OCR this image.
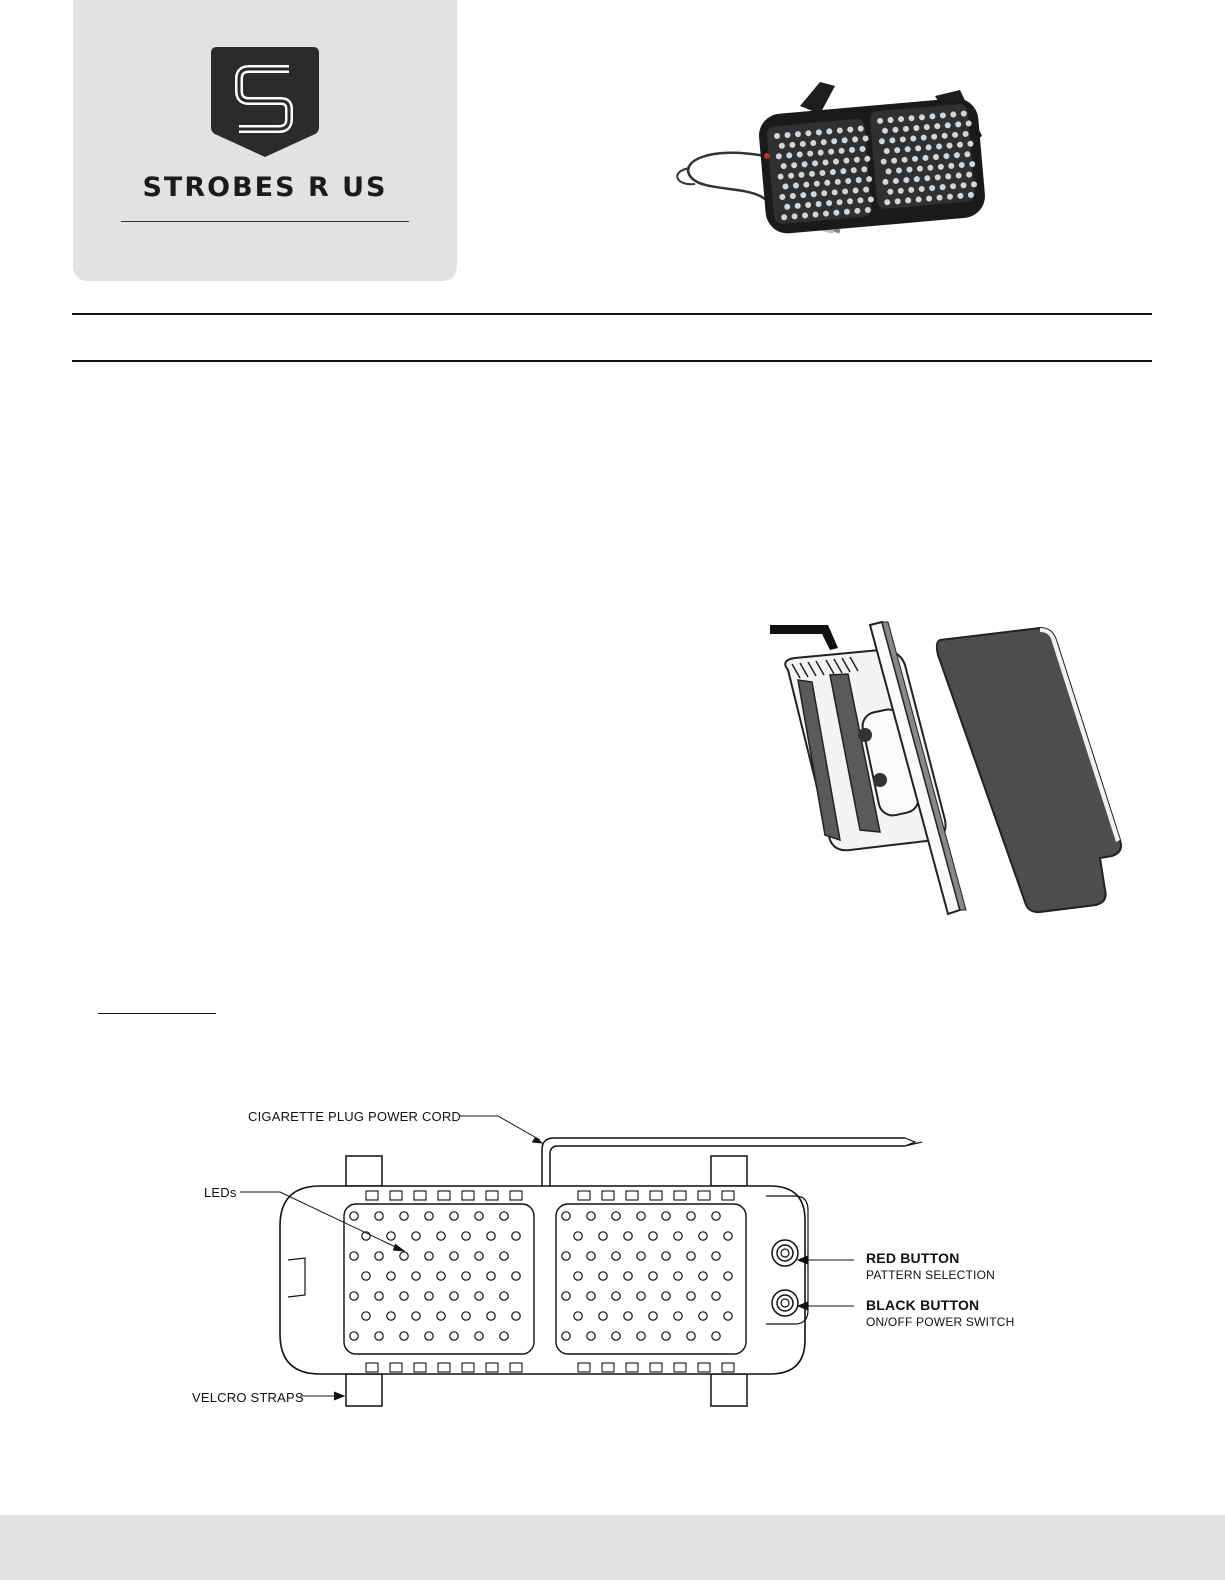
STROBES R US
CIGARETTE PLUG POWER CORD
LEDs
VELCRO STRAPS
RED BUTTON
PATTERN SELECTION
BLACK BUTTON
ON/OFF POWER SWITCH
